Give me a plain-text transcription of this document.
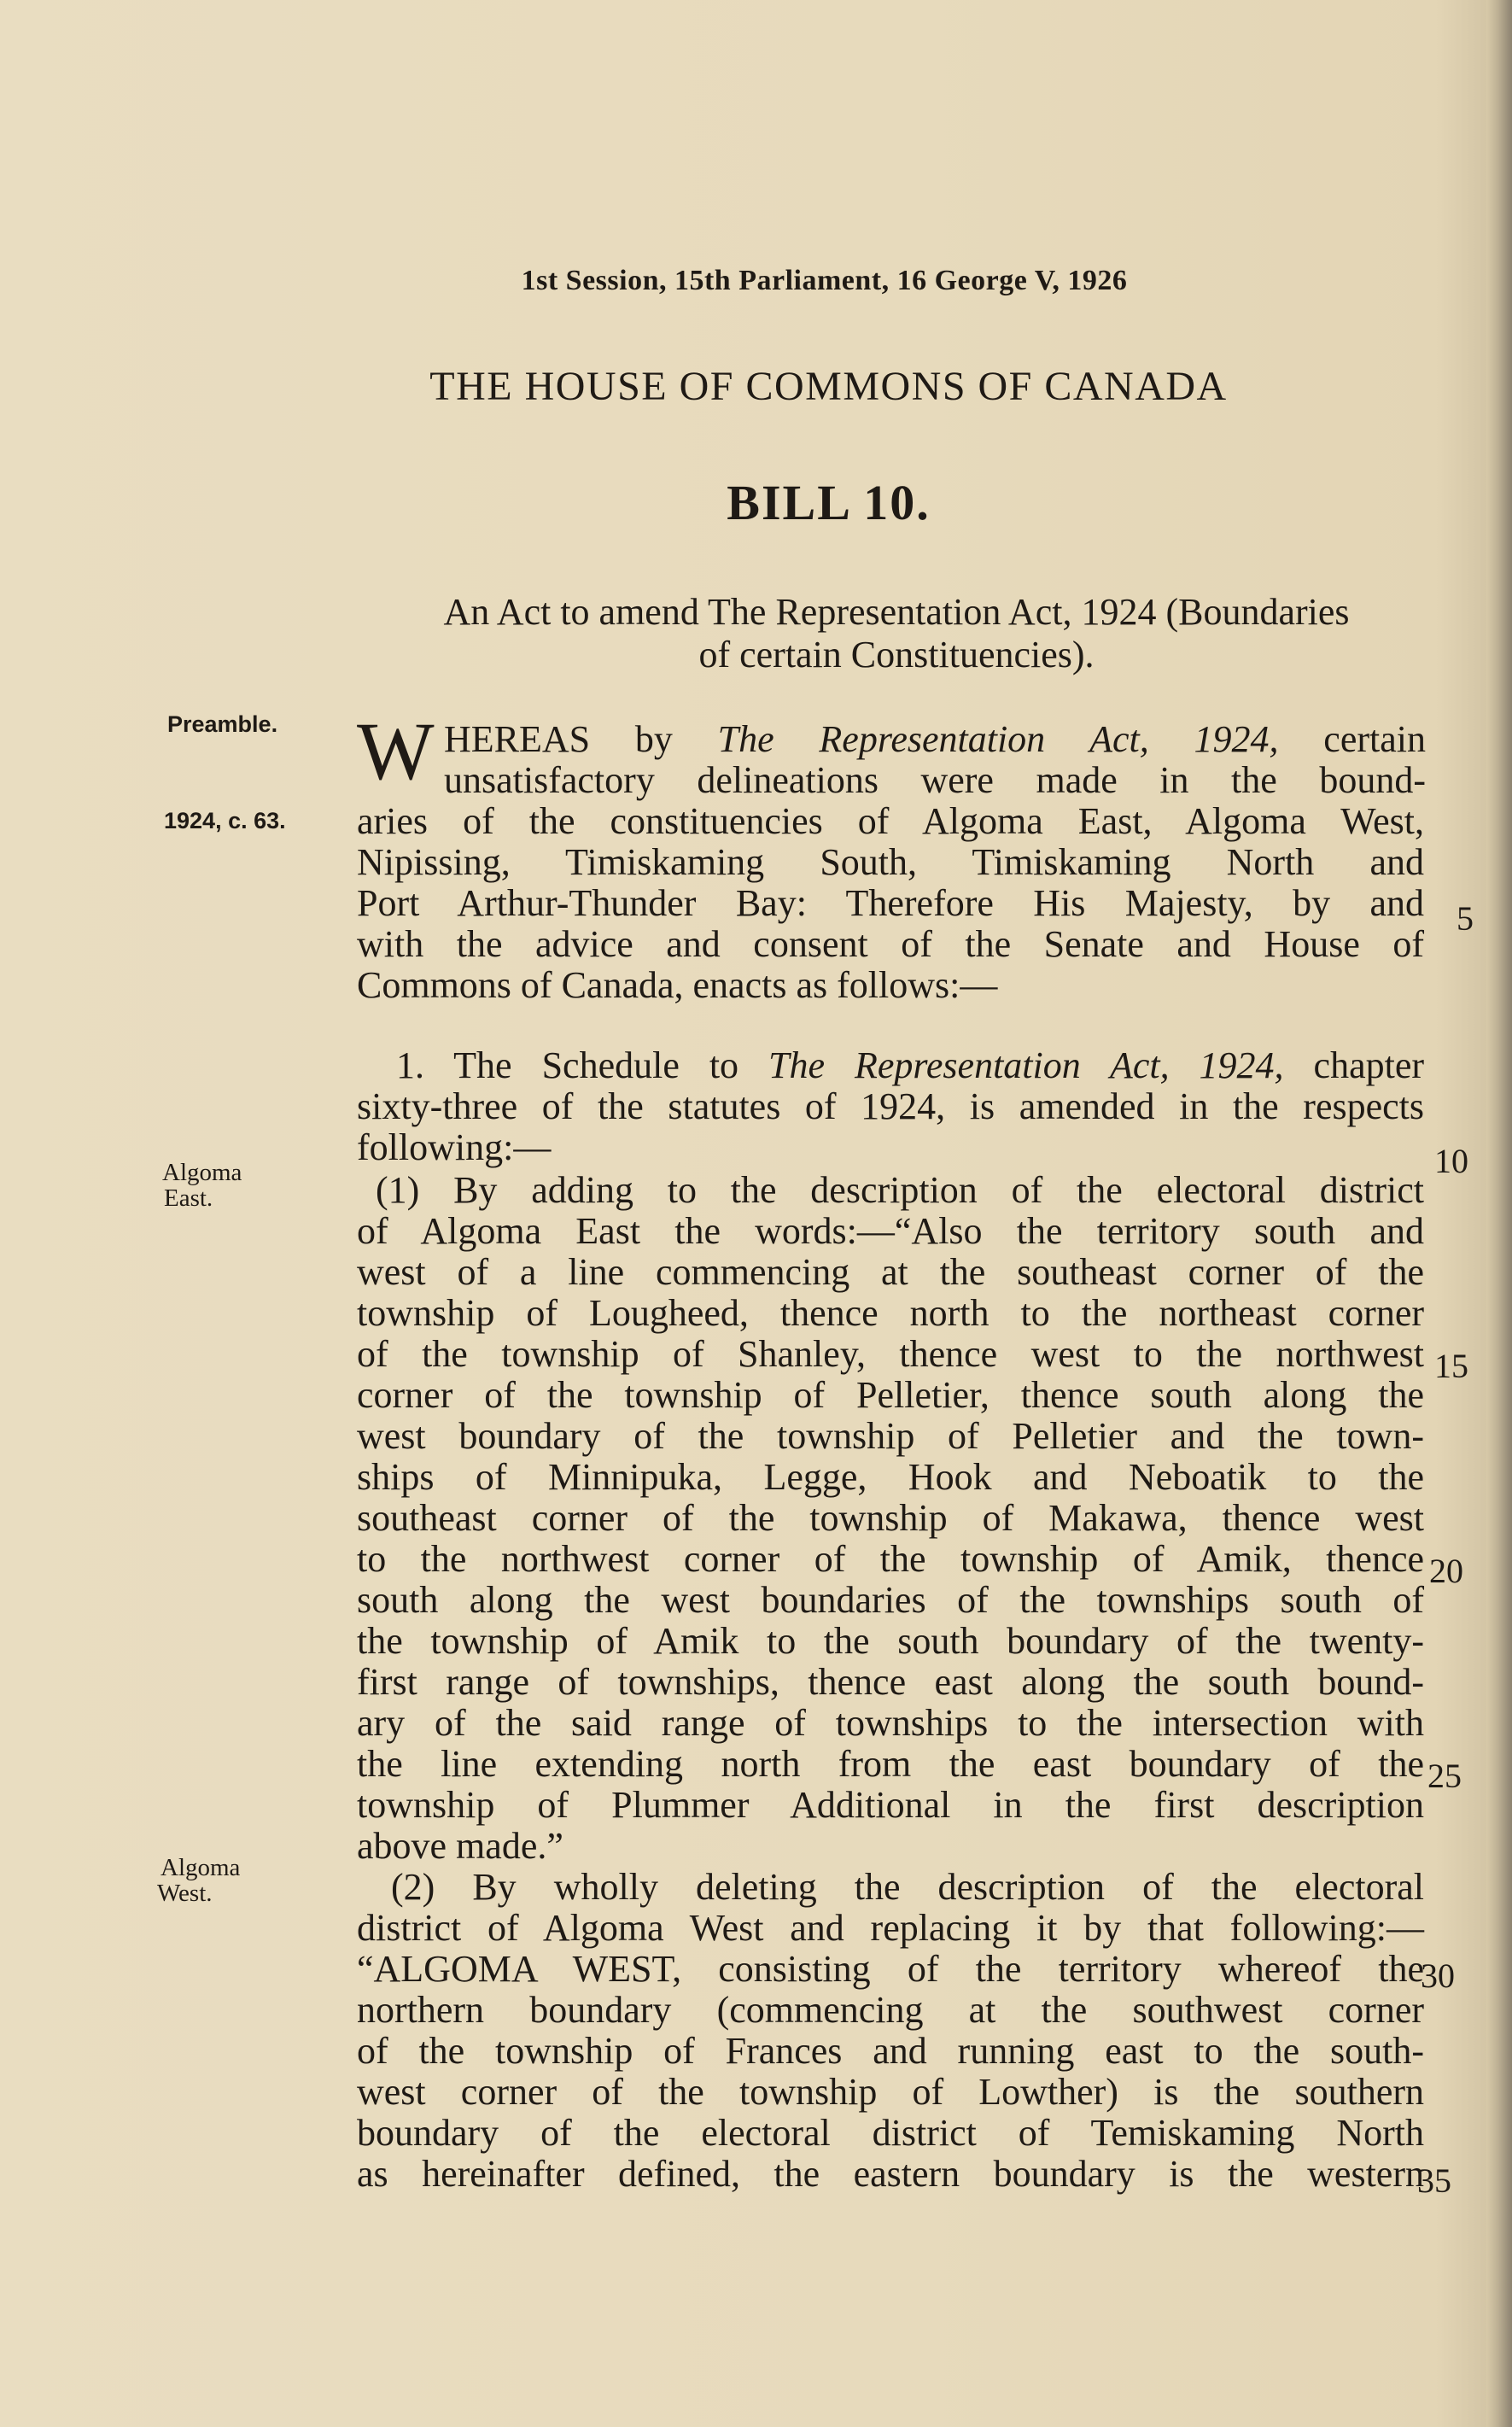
1st Session, 15th Parliament, 16 George V, 1926
THE HOUSE OF COMMONS OF CANADA
BILL 10.
An Act to amend The Representation Act, 1924 (Boundaries
of certain Constituencies).
Preamble.
1924, c. 63.
Algoma
East.
Algoma
West.
W HEREAS by The Representation Act, 1924, certain
unsatisfactory delineations were made in the bound-
aries of the constituencies of Algoma East, Algoma West,
Nipissing, Timiskaming South, Timiskaming North and
Port Arthur-Thunder Bay: Therefore His Majesty, by and
with the advice and consent of the Senate and House of
Commons of Canada, enacts as follows:—
1. The Schedule to The Representation Act, 1924, chapter
sixty-three of the statutes of 1924, is amended in the respects
following:—
(1) By adding to the description of the electoral district
of Algoma East the words:—“Also the territory south and
west of a line commencing at the southeast corner of the
township of Lougheed, thence north to the northeast corner
of the township of Shanley, thence west to the northwest
corner of the township of Pelletier, thence south along the
west boundary of the township of Pelletier and the town-
ships of Minnipuka, Legge, Hook and Neboatik to the
southeast corner of the township of Makawa, thence west
to the northwest corner of the township of Amik, thence
south along the west boundaries of the townships south of
the township of Amik to the south boundary of the twenty-
first range of townships, thence east along the south bound-
ary of the said range of townships to the intersection with
the line extending north from the east boundary of the
township of Plummer Additional in the first description
above made.”
(2) By wholly deleting the description of the electoral
district of Algoma West and replacing it by that following:—
“ALGOMA WEST, consisting of the territory whereof the
northern boundary (commencing at the southwest corner
of the township of Frances and running east to the south-
west corner of the township of Lowther) is the southern
boundary of the electoral district of Temiskaming North
as hereinafter defined, the eastern boundary is the western
5
10
15
20
25
30
35
